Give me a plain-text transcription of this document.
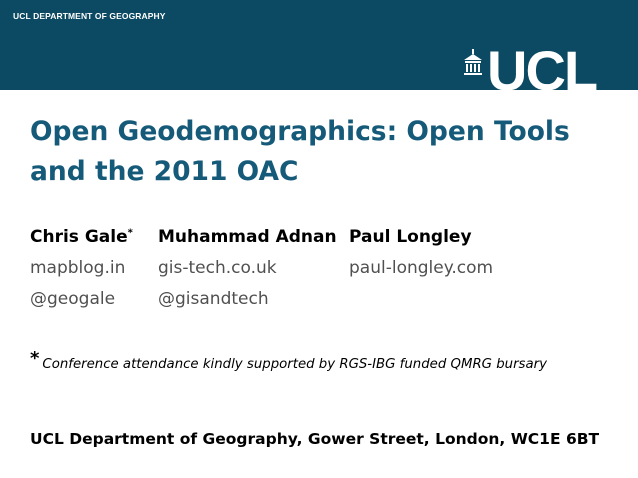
UCL DEPARTMENT OF GEOGRAPHY
UCL
Open Geodemographics: Open Tools
and the 2011 OAC
Chris Gale*
mapblog.in
@geogale
Muhammad Adnan
gis-tech.co.uk
@gisandtech
Paul Longley
paul-longley.com
* Conference attendance kindly supported by RGS-IBG funded QMRG bursary
UCL Department of Geography, Gower Street, London, WC1E 6BT
